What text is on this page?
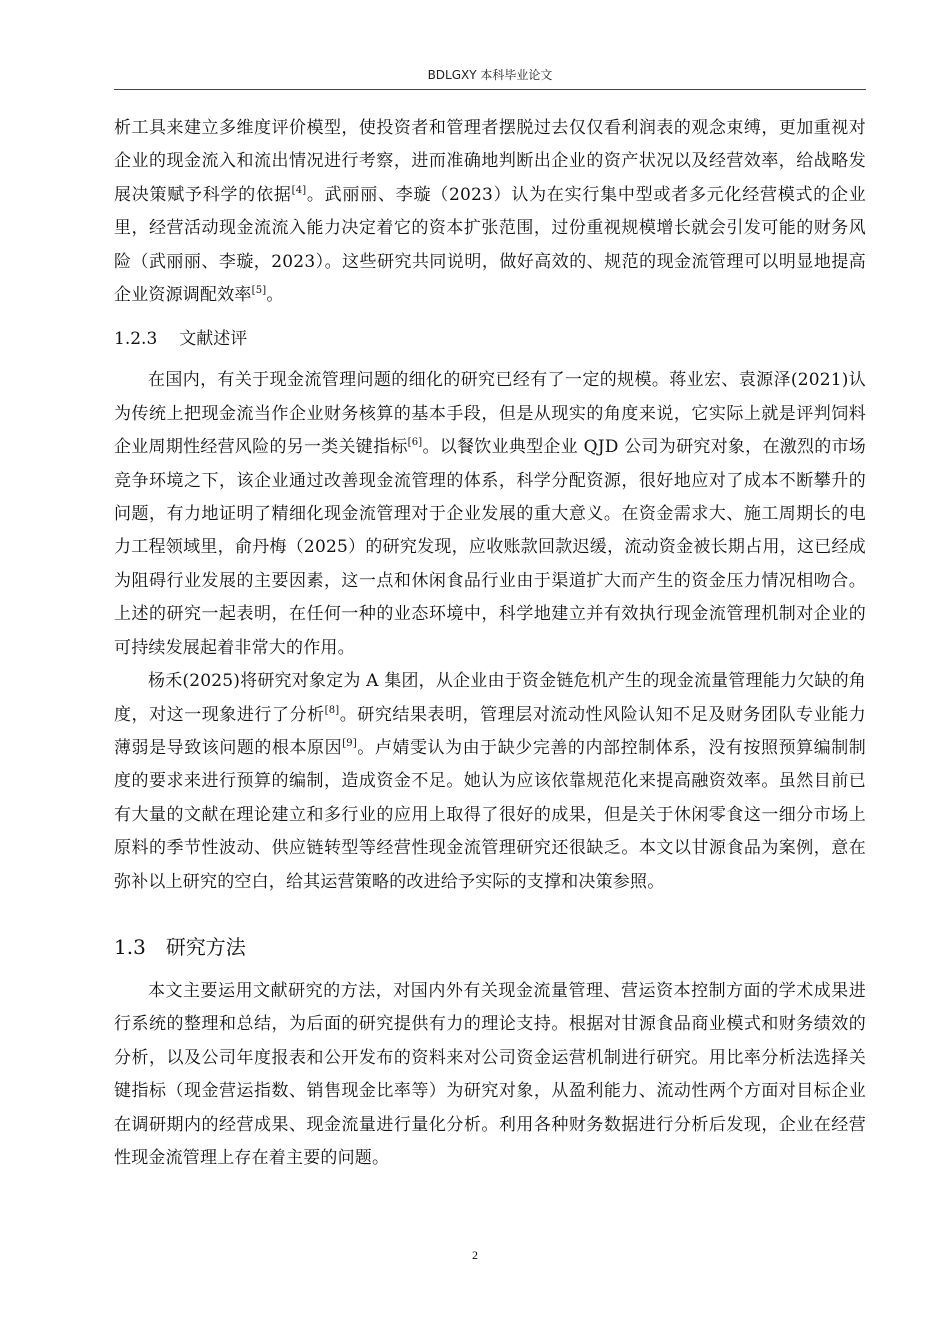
BDLGXY 本科毕业论文

析工具来建立多维度评价模型，使投资者和管理者摆脱过去仅仅看利润表的观念束缚，更加重视对企业的现金流入和流出情况进行考察，进而准确地判断出企业的资产状况以及经营效率，给战略发展决策赋予科学的依据[4]。武丽丽、李璇（2023）认为在实行集中型或者多元化经营模式的企业里，经营活动现金流流入能力决定着它的资本扩张范围，过份重视规模增长就会引发可能的财务风险（武丽丽、李璇，2023）。这些研究共同说明，做好高效的、规范的现金流管理可以明显地提高企业资源调配效率[5]。

1.2.3 文献述评

在国内，有关于现金流管理问题的细化的研究已经有了一定的规模。蒋业宏、袁源泽(2021)认为传统上把现金流当作企业财务核算的基本手段，但是从现实的角度来说，它实际上就是评判饲料企业周期性经营风险的另一类关键指标[6]。以餐饮业典型企业 QJD 公司为研究对象，在激烈的市场竞争环境之下，该企业通过改善现金流管理的体系，科学分配资源，很好地应对了成本不断攀升的问题，有力地证明了精细化现金流管理对于企业发展的重大意义。在资金需求大、施工周期长的电力工程领域里，俞丹梅（2025）的研究发现，应收账款回款迟缓，流动资金被长期占用，这已经成为阻碍行业发展的主要因素，这一点和休闲食品行业由于渠道扩大而产生的资金压力情况相吻合。上述的研究一起表明，在任何一种的业态环境中，科学地建立并有效执行现金流管理机制对企业的可持续发展起着非常大的作用。

杨禾(2025)将研究对象定为 A 集团，从企业由于资金链危机产生的现金流量管理能力欠缺的角度，对这一现象进行了分析[8]。研究结果表明，管理层对流动性风险认知不足及财务团队专业能力薄弱是导致该问题的根本原因[9]。卢婧雯认为由于缺少完善的内部控制体系，没有按照预算编制制度的要求来进行预算的编制，造成资金不足。她认为应该依靠规范化来提高融资效率。虽然目前已有大量的文献在理论建立和多行业的应用上取得了很好的成果，但是关于休闲零食这一细分市场上原料的季节性波动、供应链转型等经营性现金流管理研究还很缺乏。本文以甘源食品为案例，意在弥补以上研究的空白，给其运营策略的改进给予实际的支撑和决策参照。

1.3 研究方法

本文主要运用文献研究的方法，对国内外有关现金流量管理、营运资本控制方面的学术成果进行系统的整理和总结，为后面的研究提供有力的理论支持。根据对甘源食品商业模式和财务绩效的分析，以及公司年度报表和公开发布的资料来对公司资金运营机制进行研究。用比率分析法选择关键指标（现金营运指数、销售现金比率等）为研究对象，从盈利能力、流动性两个方面对目标企业在调研期内的经营成果、现金流量进行量化分析。利用各种财务数据进行分析后发现，企业在经营性现金流管理上存在着主要的问题。

2
